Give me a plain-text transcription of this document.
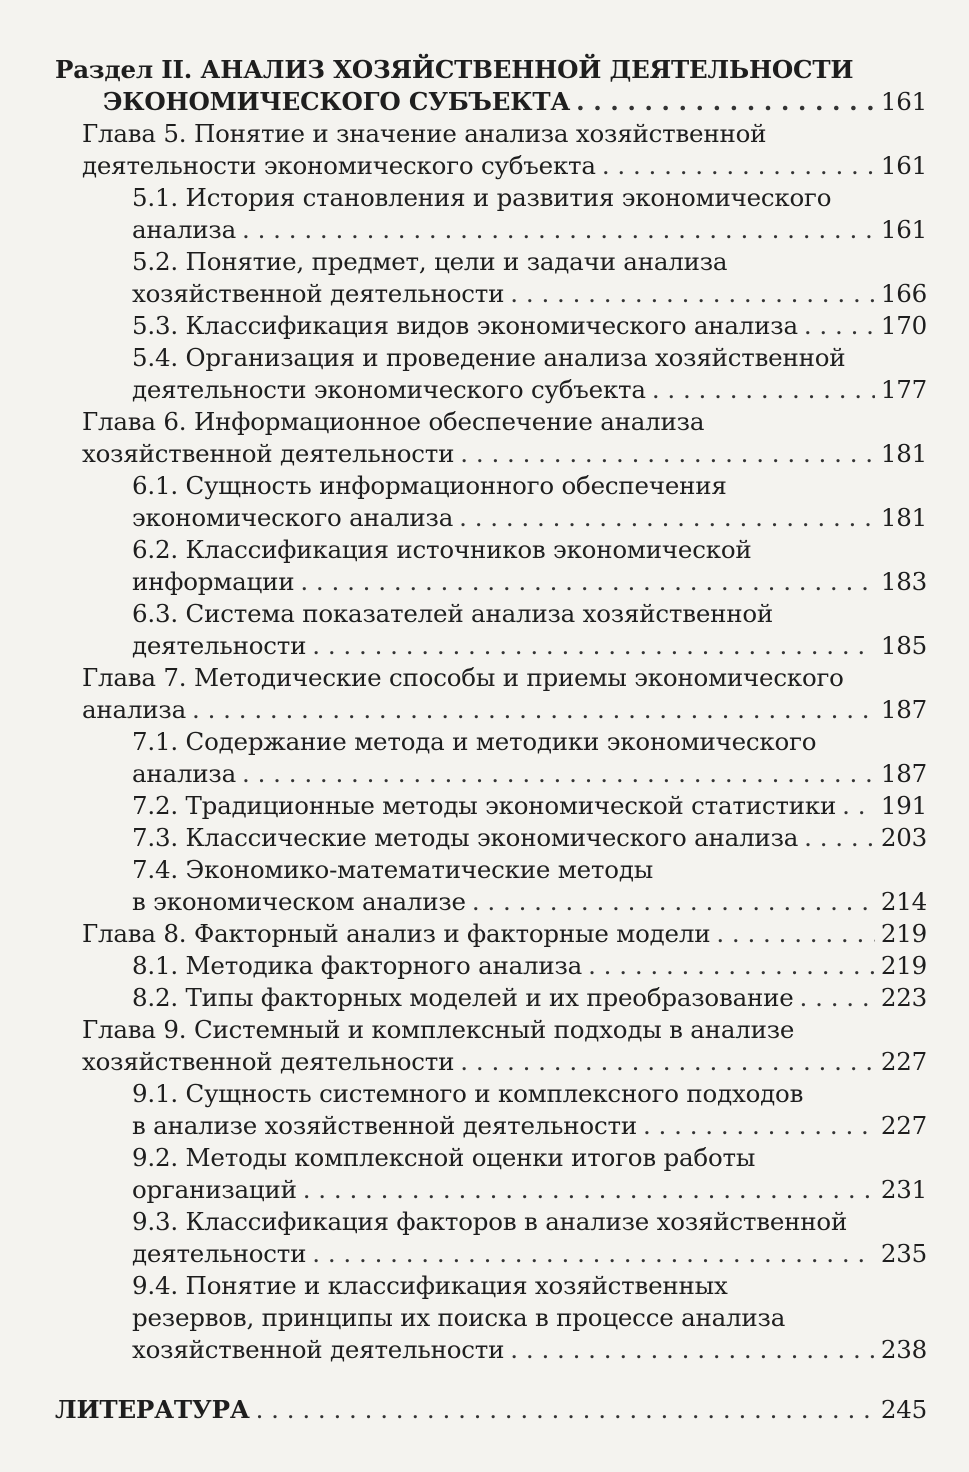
Раздел II. АНАЛИЗ ХОЗЯЙСТВЕННОЙ ДЕЯТЕЛЬНОСТИ
ЭКОНОМИЧЕСКОГО СУБЪЕКТА . . .	161
Глава 5. Понятие и значение анализа хозяйственной
деятельности экономического субъекта . . .	161
5.1. История становления и развития экономического
анализа . . .	161
5.2. Понятие, предмет, цели и задачи анализа
хозяйственной деятельности . . .	166
5.3. Классификация видов экономического анализа . . .	170
5.4. Организация и проведение анализа хозяйственной
деятельности экономического субъекта . . .	177
Глава 6. Информационное обеспечение анализа
хозяйственной деятельности . . .	181
6.1. Сущность информационного обеспечения
экономического анализа . . .	181
6.2. Классификация источников экономической
информации . . .	183
6.3. Система показателей анализа хозяйственной
деятельности . . .	185
Глава 7. Методические способы и приемы экономического
анализа . . .	187
7.1. Содержание метода и методики экономического
анализа . . .	187
7.2. Традиционные методы экономической статистики . . . 191
7.3. Классические методы экономического анализа . . .	203
7.4. Экономико-математические методы
в экономическом анализе . . .	214
Глава 8. Факторный анализ и факторные модели . . .	219
8.1. Методика факторного анализа . . .	219
8.2. Типы факторных моделей и их преобразование . . .	223
Глава 9. Системный и комплексный подходы в анализе
хозяйственной деятельности . . .	227
9.1. Сущность системного и комплексного подходов
в анализе хозяйственной деятельности . . .	227
9.2. Методы комплексной оценки итогов работы
организаций . . .	231
9.3. Классификация факторов в анализе хозяйственной
деятельности . . .	235
9.4. Понятие и классификация хозяйственных
резервов, принципы их поиска в процессе анализа
хозяйственной деятельности . . .	238
ЛИТЕРАТУРА . . .	245
